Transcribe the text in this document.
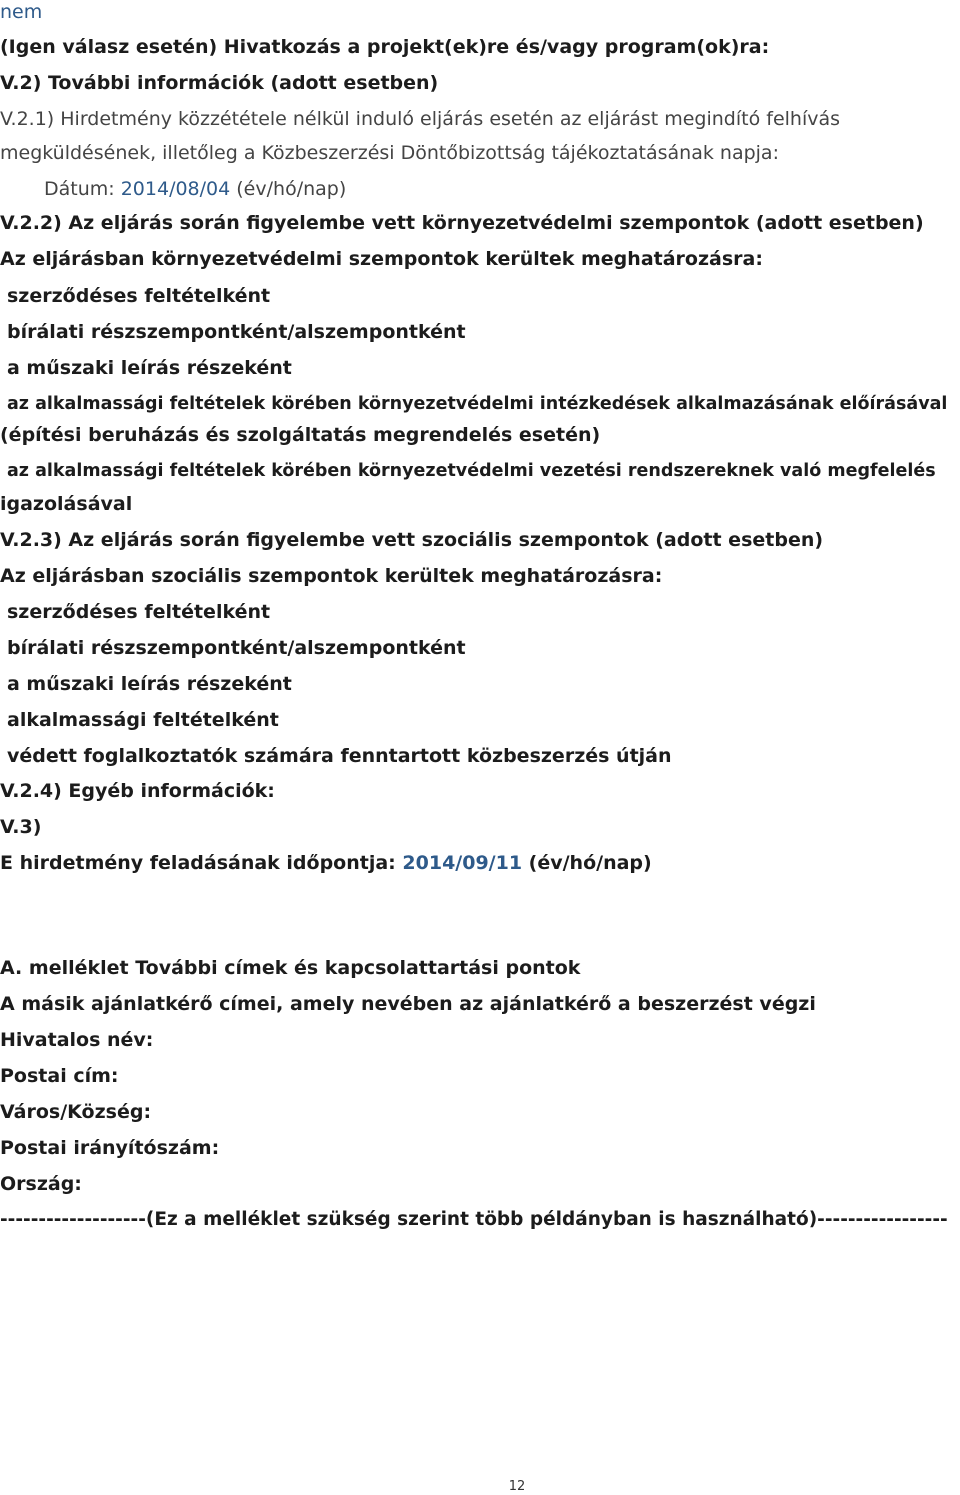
nem
(Igen válasz esetén) Hivatkozás a projekt(ek)re és/vagy program(ok)ra:
V.2) További információk (adott esetben)
V.2.1) Hirdetmény közzététele nélkül induló eljárás esetén az eljárást megindító felhívás
megküldésének, illetőleg a Közbeszerzési Döntőbizottság tájékoztatásának napja:
Dátum: 2014/08/04 (év/hó/nap)
V.2.2) Az eljárás során figyelembe vett környezetvédelmi szempontok (adott esetben)
Az eljárásban környezetvédelmi szempontok kerültek meghatározásra:
szerződéses feltételként
bírálati részszempontként/alszempontként
a műszaki leírás részeként
az alkalmassági feltételek körében környezetvédelmi intézkedések alkalmazásának előírásával
(építési beruházás és szolgáltatás megrendelés esetén)
az alkalmassági feltételek körében környezetvédelmi vezetési rendszereknek való megfelelés
igazolásával
V.2.3) Az eljárás során figyelembe vett szociális szempontok (adott esetben)
Az eljárásban szociális szempontok kerültek meghatározásra:
szerződéses feltételként
bírálati részszempontként/alszempontként
a műszaki leírás részeként
alkalmassági feltételként
védett foglalkoztatók számára fenntartott közbeszerzés útján
V.2.4) Egyéb információk:
V.3)
E hirdetmény feladásának időpontja: 2014/09/11 (év/hó/nap)
A. melléklet További címek és kapcsolattartási pontok
A másik ajánlatkérő címei, amely nevében az ajánlatkérő a beszerzést végzi
Hivatalos név:
Postai cím:
Város/Község:
Postai irányítószám:
Ország:
-------------------(Ez a melléklet szükség szerint több példányban is használható)-----------------
12
